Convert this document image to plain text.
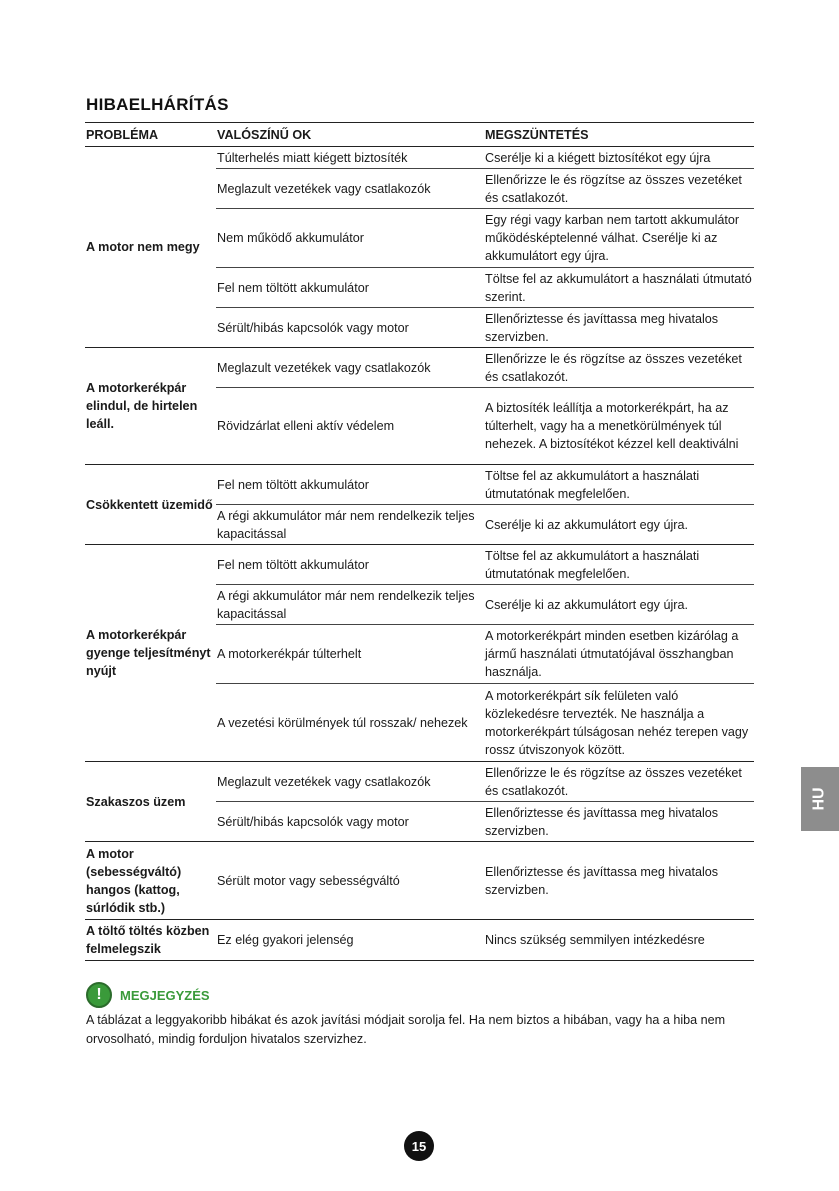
HIBAELHÁRÍTÁS
PROBLÉMA	VALÓSZÍNŰ OK	MEGSZÜNTETÉS
A motor nem megy	Túlterhelés miatt kiégett biztosíték	Cserélje ki a kiégett biztosítékot egy újra
	Meglazult vezetékek vagy csatlakozók	Ellenőrizze le és rögzítse az összes vezetéket és csatlakozót.
	Nem működő akkumulátor	Egy régi vagy karban nem tartott akkumulátor működésképtelenné válhat. Cserélje ki az akkumulátort egy újra.
	Fel nem töltött akkumulátor	Töltse fel az akkumulátort a használati útmutató szerint.
	Sérült/hibás kapcsolók vagy motor	Ellenőriztesse és javíttassa meg hivatalos szervizben.
A motorkerékpár elindul, de hirtelen leáll.	Meglazult vezetékek vagy csatlakozók	Ellenőrizze le és rögzítse az összes vezetéket és csatlakozót.
	Rövidzárlat elleni aktív védelem	A biztosíték leállítja a motorkerékpárt, ha az túlterhelt, vagy ha a menetkörülmények túl nehezek. A biztosítékot kézzel kell deaktiválni
Csökkentett üzemidő	Fel nem töltött akkumulátor	Töltse fel az akkumulátort a használati útmutatónak megfelelően.
	A régi akkumulátor már nem rendelkezik teljes kapacitással	Cserélje ki az akkumulátort egy újra.
A motorkerékpár gyenge teljesítményt nyújt	Fel nem töltött akkumulátor	Töltse fel az akkumulátort a használati útmutatónak megfelelően.
	A régi akkumulátor már nem rendelkezik teljes kapacitással	Cserélje ki az akkumulátort egy újra.
	A motorkerékpár túlterhelt	A motorkerékpárt minden esetben kizárólag a jármű használati útmutatójával összhangban használja.
	A vezetési körülmények túl rosszak/ nehezek	A motorkerékpárt sík felületen való közlekedésre tervezték. Ne használja a motorkerékpárt túlságosan nehéz terepen vagy rossz útviszonyok között.
Szakaszos üzem	Meglazult vezetékek vagy csatlakozók	Ellenőrizze le és rögzítse az összes vezetéket és csatlakozót.
	Sérült/hibás kapcsolók vagy motor	Ellenőriztesse és javíttassa meg hivatalos szervizben.
A motor (sebességváltó) hangos (kattog, súrlódik stb.)	Sérült motor vagy sebességváltó	Ellenőriztesse és javíttassa meg hivatalos szervizben.
A töltő töltés közben felmelegszik	Ez elég gyakori jelenség	Nincs szükség semmilyen intézkedésre
!	MEGJEGYZÉS
A táblázat a leggyakoribb hibákat és azok javítási módjait sorolja fel. Ha nem biztos a hibában, vagy ha a hiba nem orvosolható, mindig forduljon hivatalos szervizhez.
HU
15
